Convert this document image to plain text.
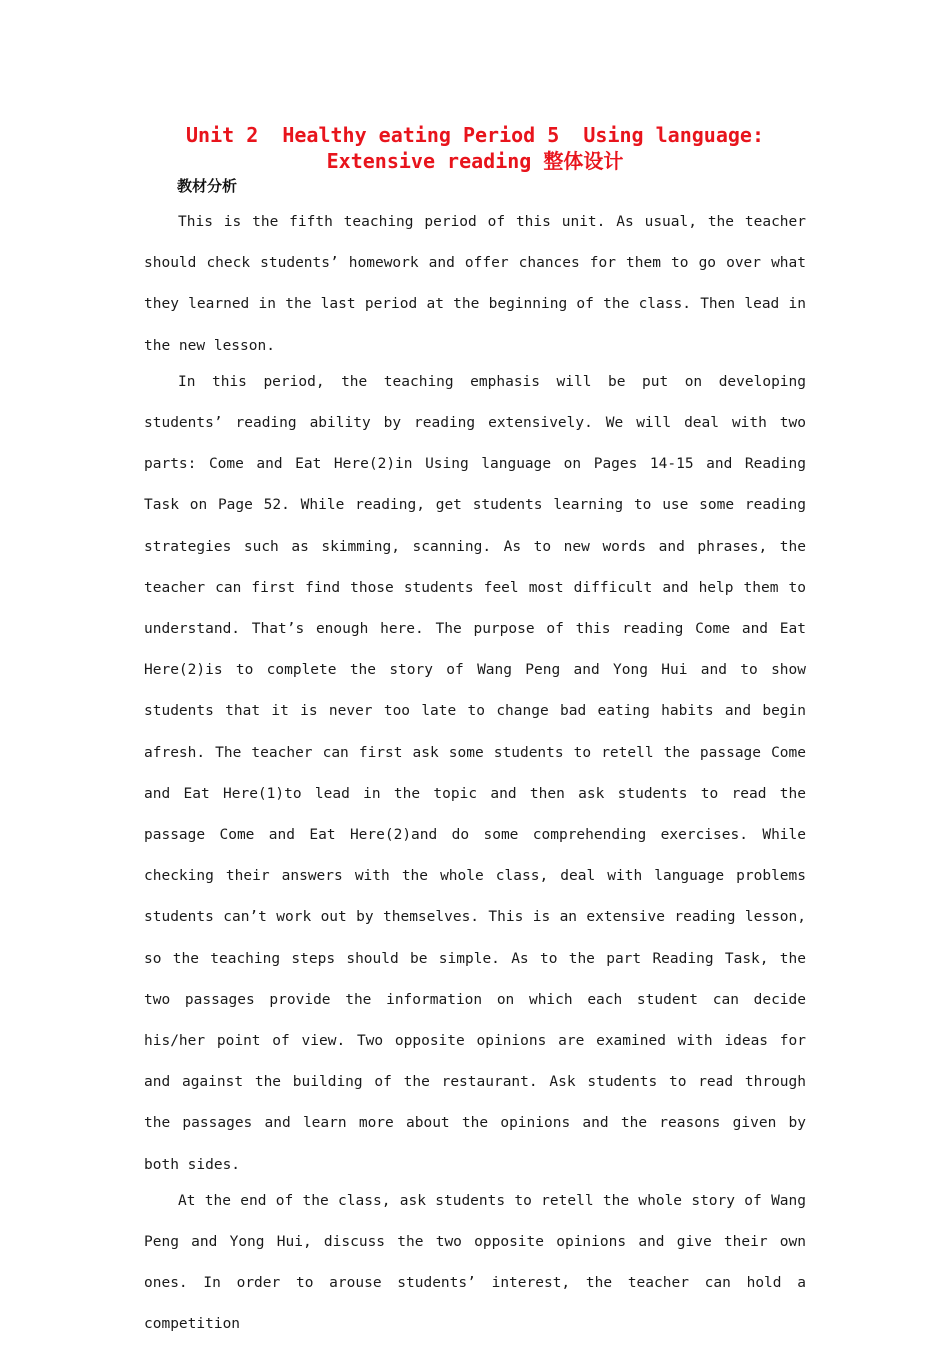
Unit 2  Healthy eating Period 5  Using language:
Extensive reading 整体设计
教材分析

This is the fifth teaching period of this unit. As usual, the teacher should check students’ homework and offer chances for them to go over what they learned in the last period at the beginning of the class. Then lead in the new lesson.

In this period, the teaching emphasis will be put on developing students’ reading ability by reading extensively. We will deal with two parts: Come and Eat Here(2)in Using language on Pages 14-15 and Reading Task on Page 52. While reading, get students learning to use some reading strategies such as skimming, scanning. As to new words and phrases, the teacher can first find those students feel most difficult and help them to understand. That’s enough here. The purpose of this reading Come and Eat Here(2)is to complete the story of Wang Peng and Yong Hui and to show students that it is never too late to change bad eating habits and begin afresh. The teacher can first ask some students to retell the passage Come and Eat Here(1)to lead in the topic and then ask students to read the passage Come and Eat Here(2)and do some comprehending exercises. While checking their answers with the whole class, deal with language problems students can’t work out by themselves. This is an extensive reading lesson, so the teaching steps should be simple. As to the part Reading Task, the two passages provide the information on which each student can decide his/her point of view. Two opposite opinions are examined with ideas for and against the building of the restaurant. Ask students to read through the passages and learn more about the opinions and the reasons given by both sides.

At the end of the class, ask students to retell the whole story of Wang Peng and Yong Hui, discuss the two opposite opinions and give their own ones. In order to arouse students’ interest, the teacher can hold a competition
